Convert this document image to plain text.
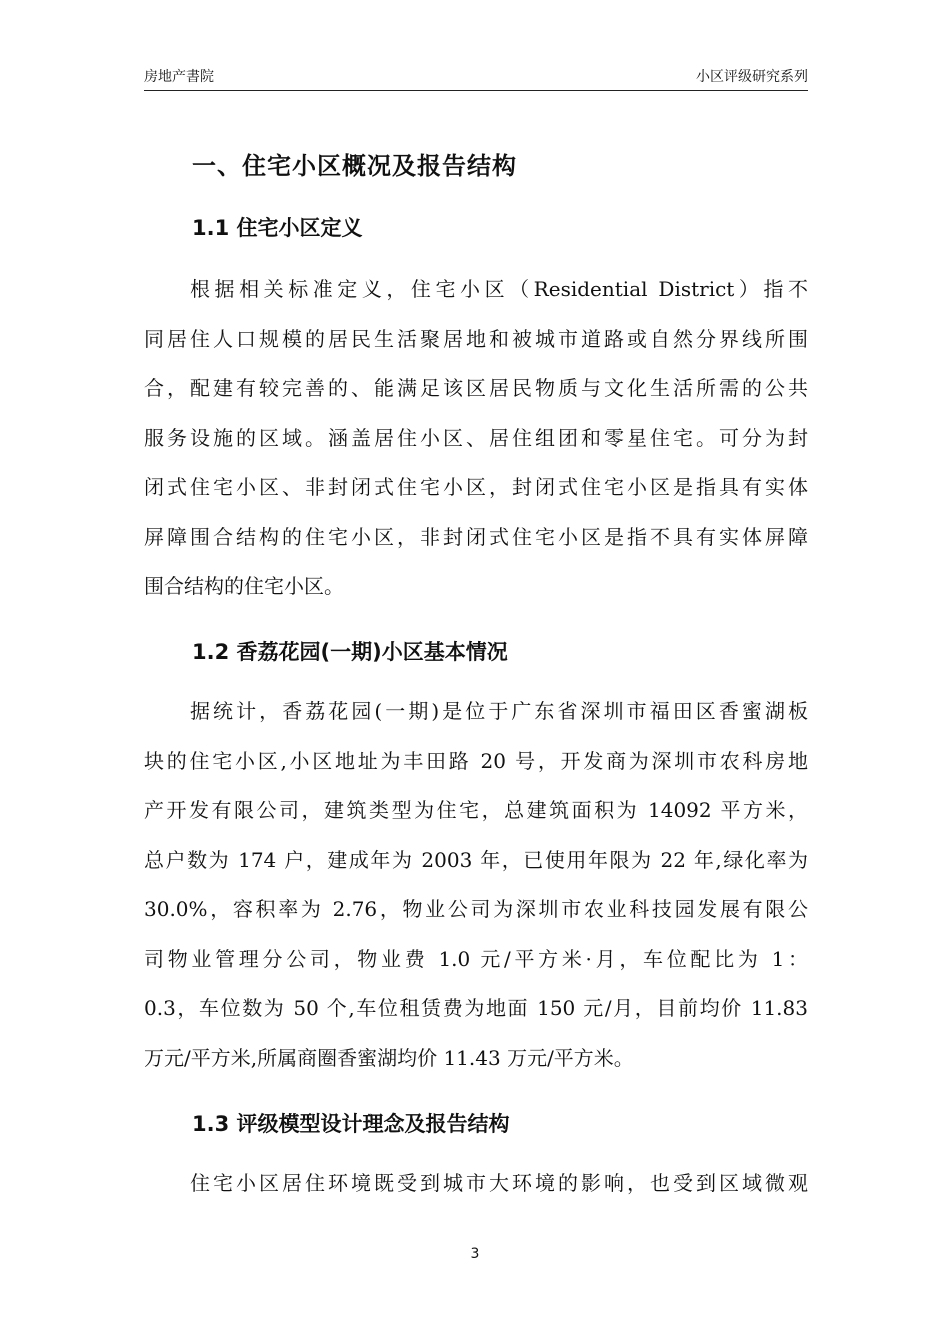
房地产書院	小区评级研究系列
一、住宅小区概况及报告结构
1.1 住宅小区定义
根据相关标准定义，住宅小区（Residential District）指不
同居住人口规模的居民生活聚居地和被城市道路或自然分界线所围
合，配建有较完善的、能满足该区居民物质与文化生活所需的公共
服务设施的区域。涵盖居住小区、居住组团和零星住宅。可分为封
闭式住宅小区、非封闭式住宅小区，封闭式住宅小区是指具有实体
屏障围合结构的住宅小区，非封闭式住宅小区是指不具有实体屏障
围合结构的住宅小区。
1.2 香荔花园(一期)小区基本情况
据统计，香荔花园(一期)是位于广东省深圳市福田区香蜜湖板
块的住宅小区,小区地址为丰田路 20 号，开发商为深圳市农科房地
产开发有限公司，建筑类型为住宅，总建筑面积为 14092 平方米，
总户数为 174 户，建成年为 2003 年，已使用年限为 22 年,绿化率为
30.0%，容积率为 2.76，物业公司为深圳市农业科技园发展有限公
司物业管理分公司，物业费 1.0 元/平方米·月，车位配比为 1：
0.3，车位数为 50 个,车位租赁费为地面 150 元/月，目前均价 11.83
万元/平方米,所属商圈香蜜湖均价 11.43 万元/平方米。
1.3 评级模型设计理念及报告结构
住宅小区居住环境既受到城市大环境的影响，也受到区域微观
3
